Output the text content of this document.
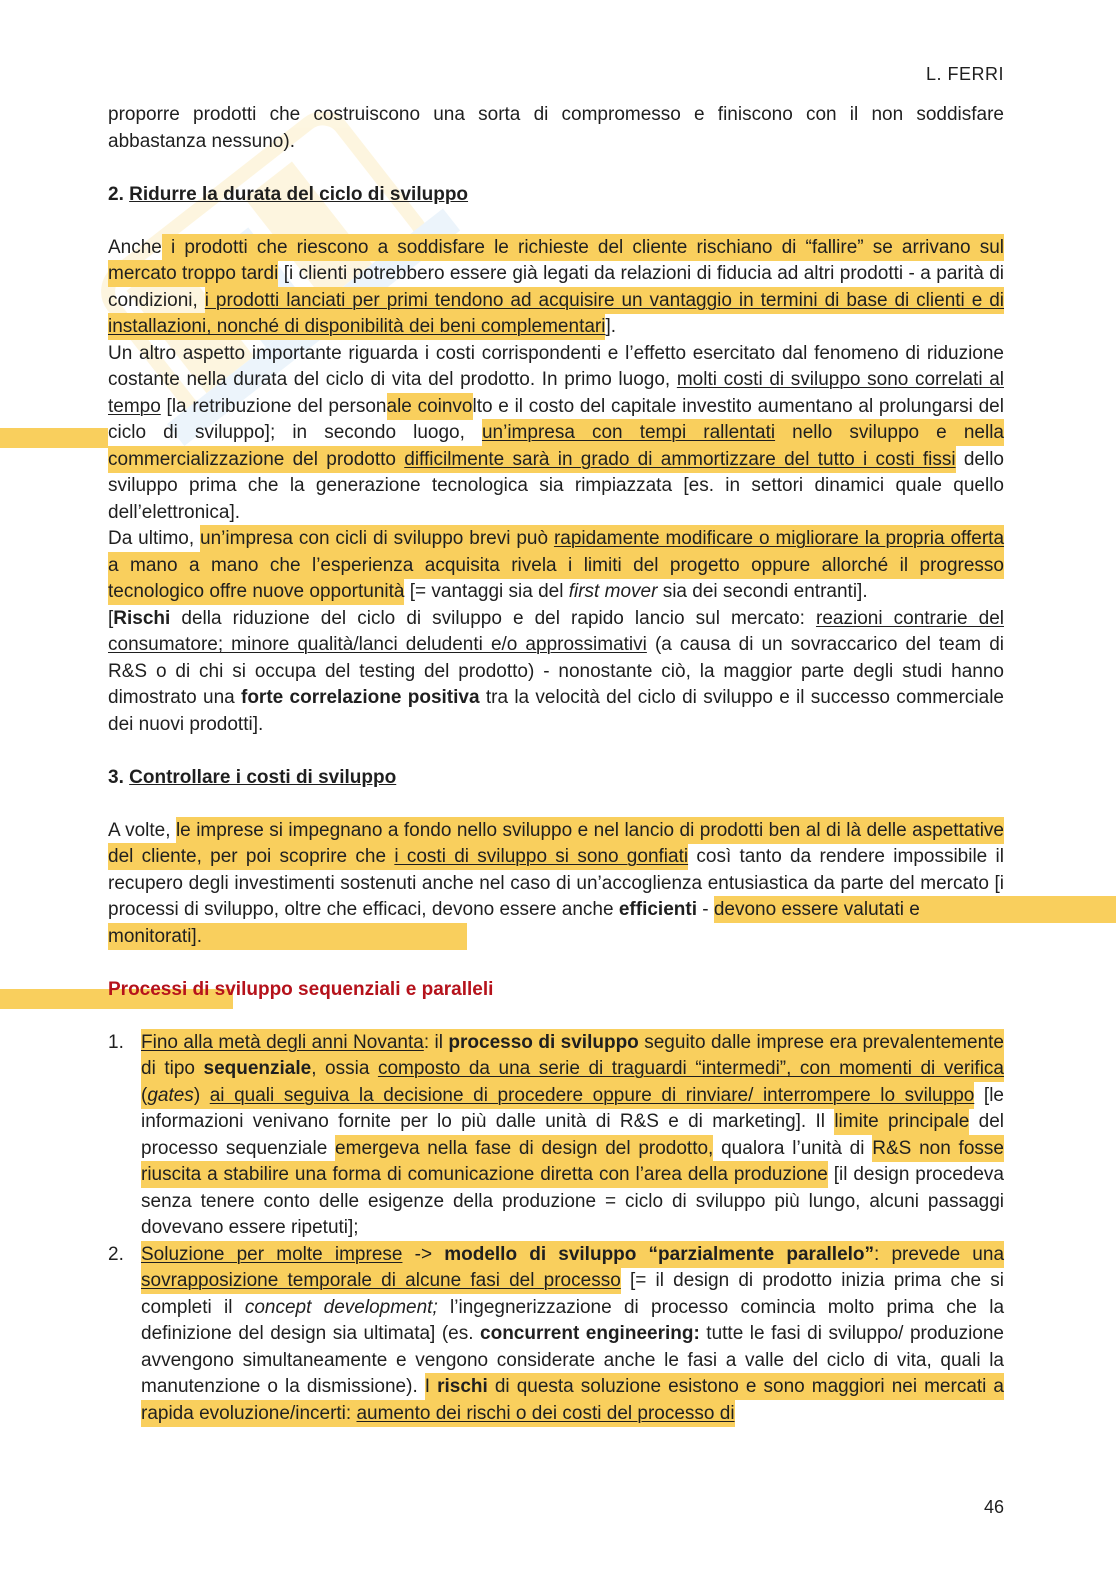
L. FERRI

proporre prodotti che costruiscono una sorta di compromesso e finiscono con il non soddisfare abbastanza nessuno).

2. Ridurre la durata del ciclo di sviluppo

Anche i prodotti che riescono a soddisfare le richieste del cliente rischiano di “fallire” se arrivano sul mercato troppo tardi [i clienti potrebbero essere già legati da relazioni di fiducia ad altri prodotti - a parità di condizioni, i prodotti lanciati per primi tendono ad acquisire un vantaggio in termini di base di clienti e di installazioni, nonché di disponibilità dei beni complementari].

Un altro aspetto importante riguarda i costi corrispondenti e l’effetto esercitato dal fenomeno di riduzione costante nella durata del ciclo di vita del prodotto. In primo luogo, molti costi di sviluppo sono correlati al tempo [la retribuzione del personale coinvolto e il costo del capitale investito aumentano al prolungarsi del ciclo di sviluppo]; in secondo luogo, un’impresa con tempi rallentati nello sviluppo e nella commercializzazione del prodotto difficilmente sarà in grado di ammortizzare del tutto i costi fissi dello sviluppo prima che la generazione tecnologica sia rimpiazzata [es. in settori dinamici quale quello dell’elettronica].

Da ultimo, un’impresa con cicli di sviluppo brevi può rapidamente modificare o migliorare la propria offerta a mano a mano che l’esperienza acquisita rivela i limiti del progetto oppure allorché il progresso tecnologico offre nuove opportunità [= vantaggi sia del first mover sia dei secondi entranti].

[Rischi della riduzione del ciclo di sviluppo e del rapido lancio sul mercato: reazioni contrarie del consumatore; minore qualità/lanci deludenti e/o approssimativi (a causa di un sovraccarico del team di R&S o di chi si occupa del testing del prodotto) - nonostante ciò, la maggior parte degli studi hanno dimostrato una forte correlazione positiva tra la velocità del ciclo di sviluppo e il successo commerciale dei nuovi prodotti].

3. Controllare i costi di sviluppo

A volte, le imprese si impegnano a fondo nello sviluppo e nel lancio di prodotti ben al di là delle aspettative del cliente, per poi scoprire che i costi di sviluppo si sono gonfiati così tanto da rendere impossibile il recupero degli investimenti sostenuti anche nel caso di un’accoglienza entusiastica da parte del mercato [i processi di sviluppo, oltre che efficaci, devono essere anche efficienti - devono essere valutati e monitorati].

Processi di sviluppo sequenziali e paralleli

1. Fino alla metà degli anni Novanta: il processo di sviluppo seguito dalle imprese era prevalentemente di tipo sequenziale, ossia composto da una serie di traguardi “intermedi”, con momenti di verifica (gates) ai quali seguiva la decisione di procedere oppure di rinviare/ interrompere lo sviluppo [le informazioni venivano fornite per lo più dalle unità di R&S e di marketing]. Il limite principale del processo sequenziale emergeva nella fase di design del prodotto, qualora l’unità di R&S non fosse riuscita a stabilire una forma di comunicazione diretta con l’area della produzione [il design procedeva senza tenere conto delle esigenze della produzione = ciclo di sviluppo più lungo, alcuni passaggi dovevano essere ripetuti];
2. Soluzione per molte imprese -> modello di sviluppo “parzialmente parallelo”: prevede una sovrapposizione temporale di alcune fasi del processo [= il design di prodotto inizia prima che si completi il concept development; l’ingegnerizzazione di processo comincia molto prima che la definizione del design sia ultimata] (es. concurrent engineering: tutte le fasi di sviluppo/ produzione avvengono simultaneamente e vengono considerate anche le fasi a valle del ciclo di vita, quali la manutenzione o la dismissione). I rischi di questa soluzione esistono e sono maggiori nei mercati a rapida evoluzione/incerti: aumento dei rischi o dei costi del processo di
46
